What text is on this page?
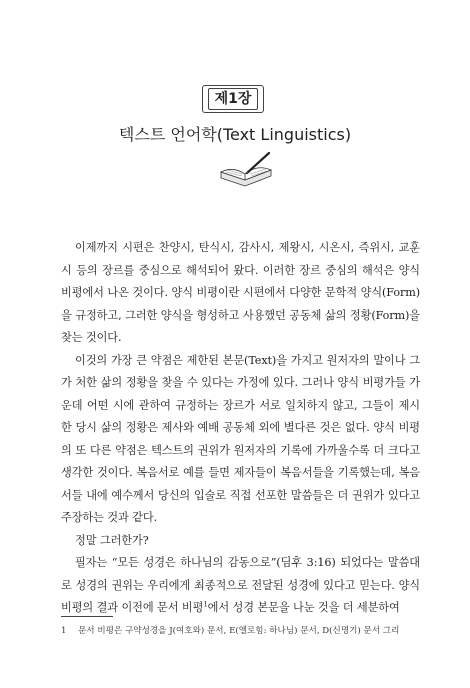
제1장
텍스트 언어학(Text Linguistics)

이제까지 시편은 찬양시, 탄식시, 감사시, 제왕시, 시온시, 즉위시, 교훈시 등의 장르를 중심으로 해석되어 왔다. 이러한 장르 중심의 해석은 양식비평에서 나온 것이다. 양식 비평이란 시편에서 다양한 문학적 양식(Form)을 규정하고, 그러한 양식을 형성하고 사용했던 공동체 삶의 정황(Form)을 찾는 것이다.

이것의 가장 큰 약점은 제한된 본문(Text)을 가지고 원저자의 말이나 그가 처한 삶의 정황을 찾을 수 있다는 가정에 있다. 그러나 양식 비평가들 가운데 어떤 시에 관하여 규정하는 장르가 서로 일치하지 않고, 그들이 제시한 당시 삶의 정황은 제사와 예배 공동체 외에 별다른 것은 없다. 양식 비평의 또 다른 약점은 텍스트의 권위가 원저자의 기록에 가까울수록 더 크다고 생각한 것이다. 복음서로 예를 들면 제자들이 복음서들을 기록했는데, 복음서들 내에 예수께서 당신의 입술로 직접 선포한 말씀들은 더 권위가 있다고 주장하는 것과 같다.

정말 그러한가?

필자는 “모든 성경은 하나님의 감동으로”(딤후 3:16) 되었다는 말씀대로 성경의 권위는 우리에게 최종적으로 전달된 성경에 있다고 믿는다. 양식 비평의 결과 이전에 문서 비평$^1$에서 성경 본문을 나눈 것을 더 세분하여

1 문서 비평은 구약성경을 J(여호와) 문서, E(엘로힘: 하나님) 문서, D(신명기) 문서 그리
